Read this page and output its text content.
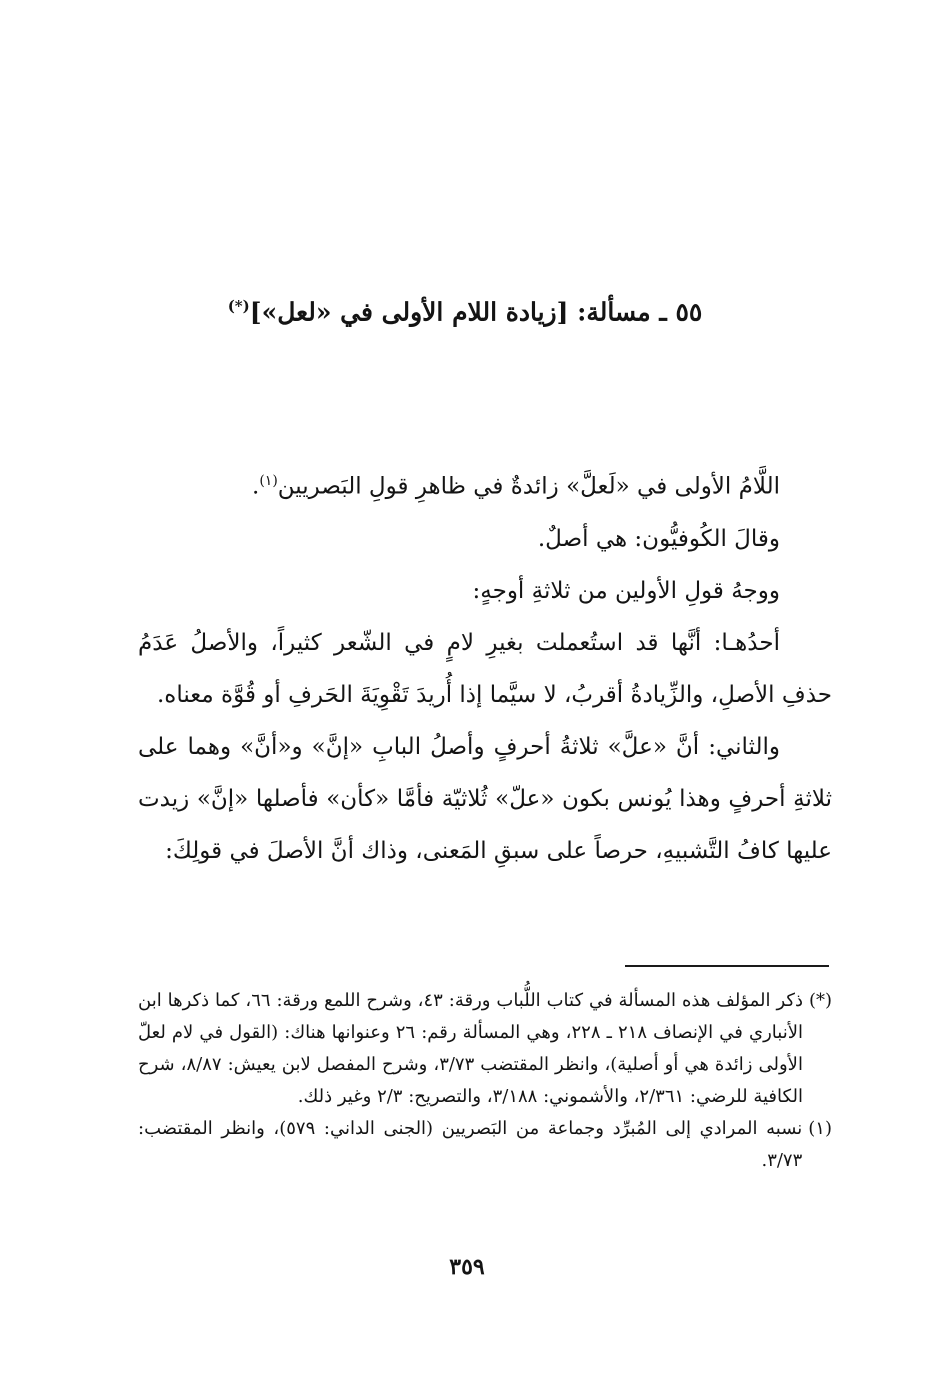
٥٥ ـ مسألة: [زيادة اللام الأولى في «لعل»](*)

اللَّامُ الأولى في «لَعلَّ» زائدةٌ في ظاهرِ قولِ البَصريين$^{(١)}$.

وقالَ الكُوفيُّون: هي أصلٌ.

ووجهُ قولِ الأولين من ثلاثةِ أوجهٍ:

أحدُهـا: أنَّها قد استُعملت بغيرِ لامٍ في الشّعر كثيراً، والأصلُ عَدَمُ حذفِ الأصلِ، والزِّيادةُ أقربُ، لا سيَّما إذا أُريدَ تَقْوِيَةَ الحَرفِ أو قُوَّة معناه.

والثاني: أنَّ «علَّ» ثلاثةُ أحرفٍ وأصلُ البابِ «إنَّ» و«أنَّ» وهما على ثلاثةِ أحرفٍ وهذا يُونس بكون «علّ» ثُلاثيّة فأمَّا «كأن» فأصلها «إنَّ» زيدت عليها كافُ التَّشبيهِ، حرصاً على سبقِ المَعنى، وذاك أنَّ الأصلَ في قولِكَ:

(*)
ذكر المؤلف هذه المسألة في كتاب اللُّباب ورقة: ٤٣، وشرح اللمع ورقة: ٦٦، كما ذكرها ابن الأنباري في الإنصاف ٢١٨ ـ ٢٢٨، وهي المسألة رقم: ٢٦ وعنوانها هناك: (القول في لام لعلّ الأولى زائدة هي أو أصلية)، وانظر المقتضب ٣/٧٣، وشرح المفصل لابن يعيش: ٨/٨٧، شرح الكافية للرضي: ٢/٣٦١، والأشموني: ٣/١٨٨، والتصريح: ٢/٣ وغير ذلك.
(١)
نسبه المرادي إلى المُبرِّد وجماعة من البَصريين (الجنى الداني: ٥٧٩)، وانظر المقتضب: ٣/٧٣.
٣٥٩
